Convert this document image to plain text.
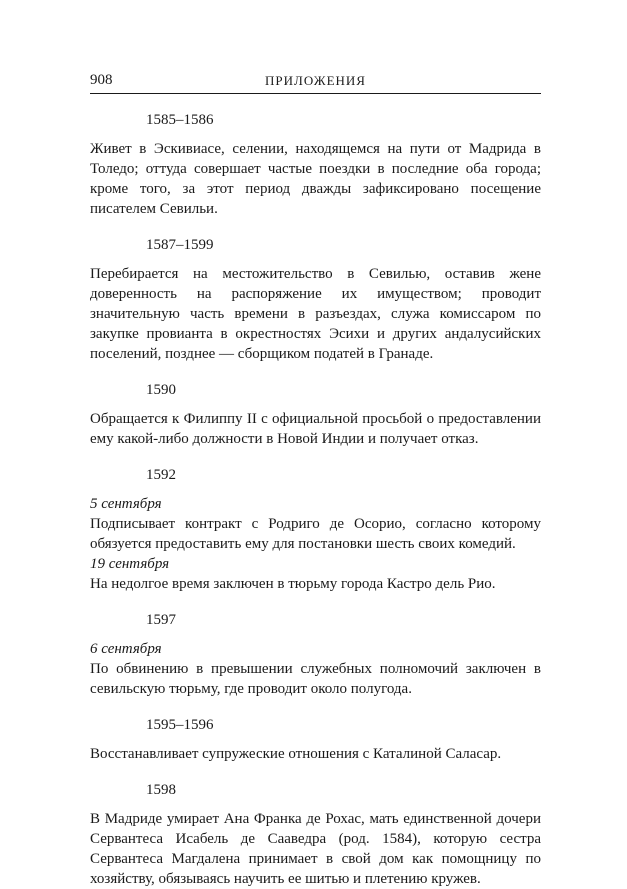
908	ПРИЛОЖЕНИЯ
1585–1586
Живет в Эскивиасе, селении, находящемся на пути от Мадрида в Толедо; оттуда совершает частые поездки в последние оба города; кроме того, за этот период дважды зафиксировано посещение писателем Севильи.
1587–1599
Перебирается на местожительство в Севилью, оставив жене доверенность на распоряжение их имуществом; проводит значительную часть времени в разъездах, служа комиссаром по закупке провианта в окрестностях Эсихи и других андалусийских поселений, позднее — сборщиком податей в Гранаде.
1590
Обращается к Филиппу II с официальной просьбой о предоставлении ему какой-либо должности в Новой Индии и получает отказ.
1592
5 сентября
Подписывает контракт с Родриго де Осорио, согласно которому обязуется предоставить ему для постановки шесть своих комедий.
19 сентября
На недолгое время заключен в тюрьму города Кастро дель Рио.
1597
6 сентября
По обвинению в превышении служебных полномочий заключен в севильскую тюрьму, где проводит около полугода.
1595–1596
Восстанавливает супружеские отношения с Каталиной Саласар.
1598
В Мадриде умирает Ана Франка де Рохас, мать единственной дочери Сервантеса Исабель де Сааведра (род. 1584), которую сестра Сервантеса Магдалена принимает в свой дом как помощницу по хозяйству, обязываясь научить ее шитью и плетению кружев.
